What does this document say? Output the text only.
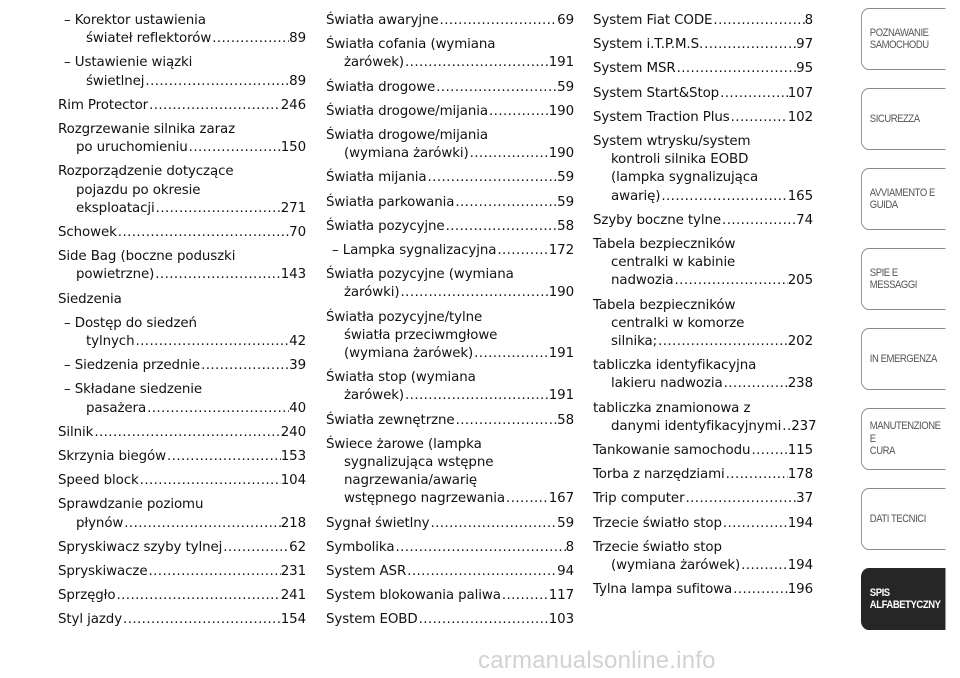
– Korektor ustawienia
świateł reflektorów .....	89
– Ustawienie wiązki
świetlnej .....	89
Rim Protector .....	246
Rozgrzewanie silnika zaraz
po uruchomieniu .....	150
Rozporządzenie dotyczące
pojazdu po okresie
eksploatacji .....	271
Schowek .....	70
Side Bag (boczne poduszki
powietrzne) .....	143
Siedzenia
– Dostęp do siedzeń
tylnych .....	42
– Siedzenia przednie .....	39
– Składane siedzenie
pasażera .....	40
Silnik .....	240
Skrzynia biegów .....	153
Speed block .....	104
Sprawdzanie poziomu
płynów .....	218
Spryskiwacz szyby tylnej .....	62
Spryskiwacze .....	231
Sprzęgło .....	241
Styl jazdy .....	154
Światła awaryjne .....	69
Światła cofania (wymiana
żarówek) .....	191
Światła drogowe .....	59
Światła drogowe/mijania .....	190
Światła drogowe/mijania
(wymiana żarówki) .....	190
Światła mijania .....	59
Światła parkowania .....	59
Światła pozycyjne .....	58
– Lampka sygnalizacyjna .....	172
Światła pozycyjne (wymiana
żarówki) .....	190
Światła pozycyjne/tylne
światła przeciwmgłowe
(wymiana żarówek) .....	191
Światła stop (wymiana
żarówek) .....	191
Światła zewnętrzne .....	58
Świece żarowe (lampka
sygnalizująca wstępne
nagrzewania/awarię
wstępnego nagrzewania .....	167
Sygnał świetlny .....	59
Symbolika .....	8
System ASR .....	94
System blokowania paliwa .....	117
System EOBD .....	103
System Fiat CODE .....	8
System i.T.P.M.S. .....	97
System MSR .....	95
System Start&Stop .....	107
System Traction Plus .....	102
System wtrysku/system
kontroli silnika EOBD
(lampka sygnalizująca
awarię) .....	165
Szyby boczne tylne .....	74
Tabela bezpieczników
centralki w kabinie
nadwozia .....	205
Tabela bezpieczników
centralki w komorze
silnika; .....	202
tabliczka identyfikacyjna
lakieru nadwozia .....	238
tabliczka znamionowa z
danymi identyfikacyjnymi ..... 237
Tankowanie samochodu .....	115
Torba z narzędziami .....	178
Trip computer .....	37
Trzecie światło stop .....	194
Trzecie światło stop
(wymiana żarówek) .....	194
Tylna lampa sufitowa .....	196
POZNAWANIE
SAMOCHODU
SICUREZZA
AVVIAMENTO E
GUIDA
SPIE E MESSAGGI
IN EMERGENZA
MANUTENZIONE E
CURA
DATI TECNICI
SPIS
ALFABETYCZNY
carmanualsonline.info
